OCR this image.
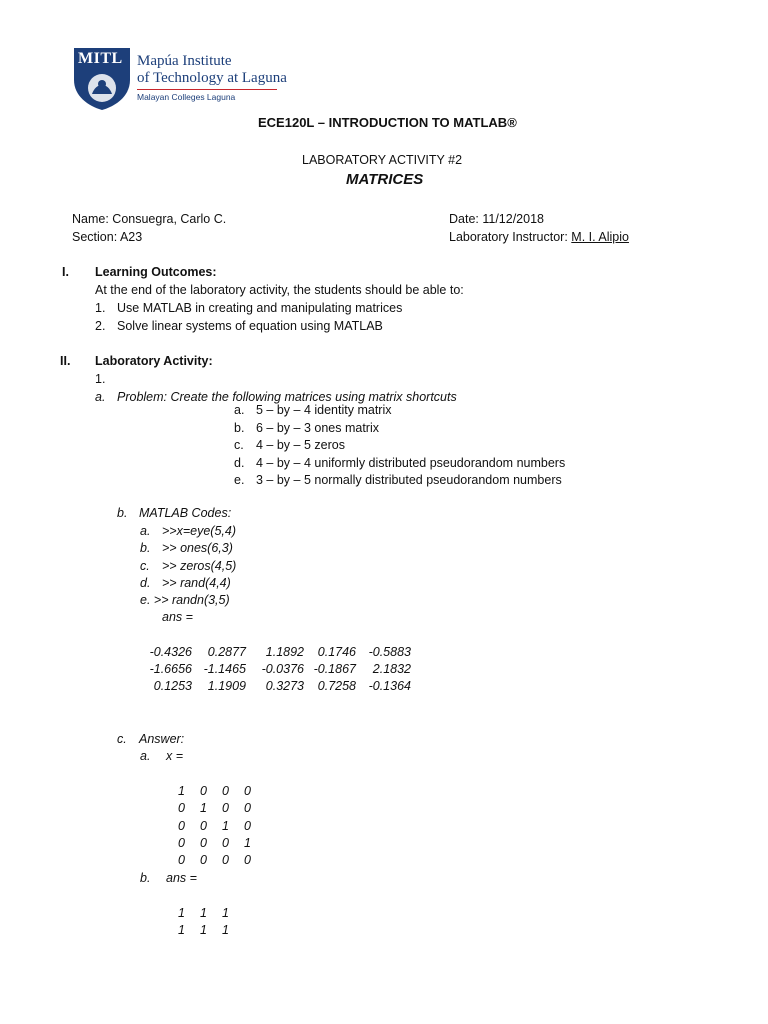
MITL Mapúa Institute
of Technology at Laguna
Malayan Colleges Laguna
ECE120L – INTRODUCTION TO MATLAB®
LABORATORY ACTIVITY #2
MATRICES
Name: Consuegra, Carlo C.
Section: A23
Date: 11/12/2018
Laboratory Instructor: M. I. Alipio
I. Learning Outcomes:
At the end of the laboratory activity, the students should be able to:
1. Use MATLAB in creating and manipulating matrices
2. Solve linear systems of equation using MATLAB
II. Laboratory Activity:
1.
a. Problem: Create the following matrices using matrix shortcuts
a. 5 – by – 4 identity matrix
b. 6 – by – 3 ones matrix
c. 4 – by – 5 zeros
d. 4 – by – 4 uniformly distributed pseudorandom numbers
e. 3 – by – 5 normally distributed pseudorandom numbers
b. MATLAB Codes:
a. >>x=eye(5,4)
b. >> ones(6,3)
c. >> zeros(4,5)
d. >> rand(4,4)
e. >> randn(3,5)
ans =
-0.4326 0.2877 1.1892 0.1746 -0.5883
-1.6656 -1.1465 -0.0376 -0.1867 2.1832
0.1253 1.1909 0.3273 0.7258 -0.1364
c. Answer:
a. x =
1 0 0 0
0 1 0 0
0 0 1 0
0 0 0 1
0 0 0 0
b. ans =
1 1 1
1 1 1
